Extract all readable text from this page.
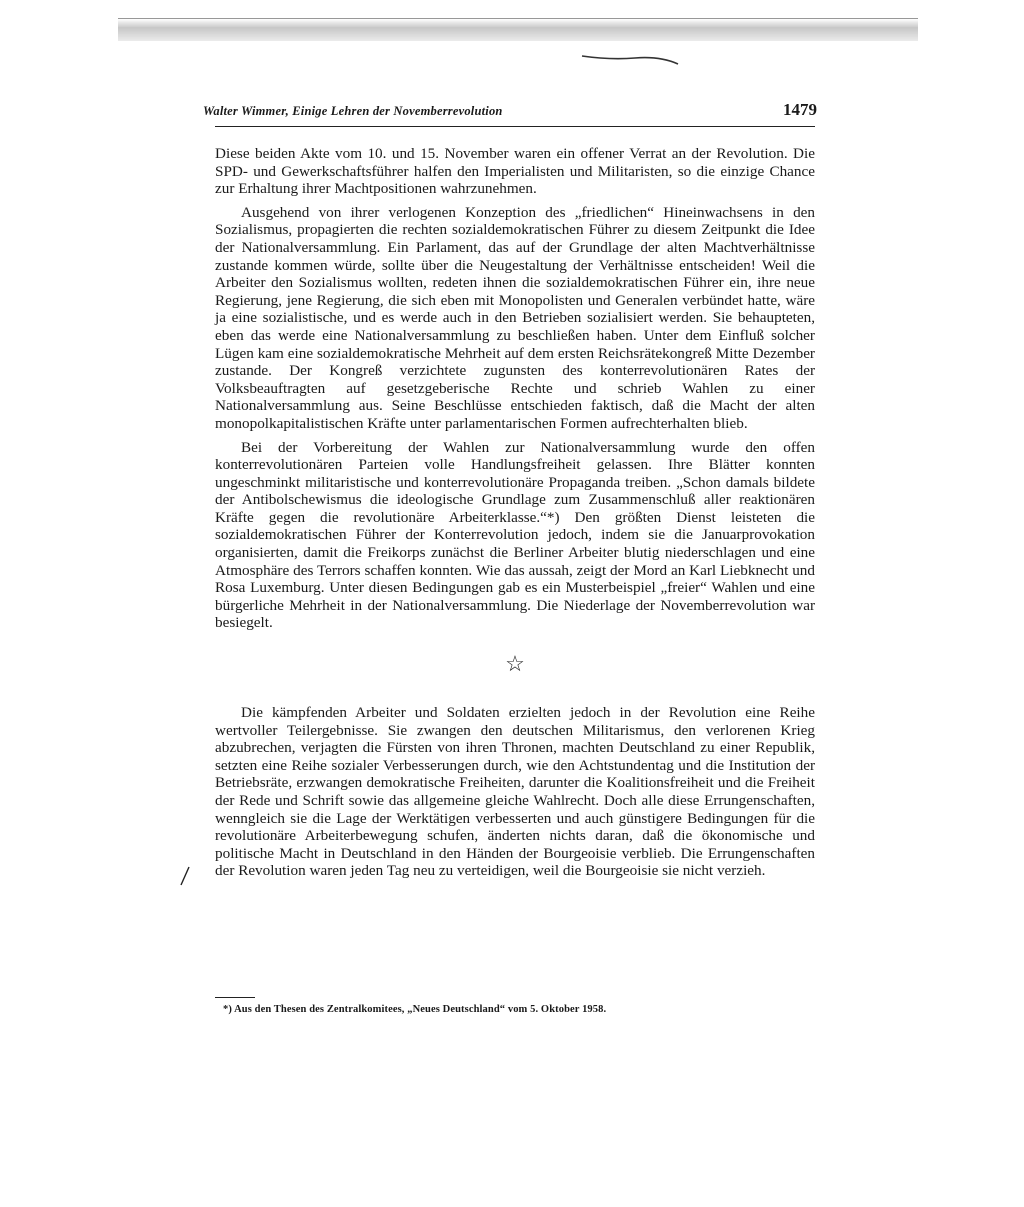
Walter Wimmer, Einige Lehren der Novemberrevolution	1479

Diese beiden Akte vom 10. und 15. November waren ein offener Verrat an der Revolution. Die SPD- und Gewerkschaftsführer halfen den Imperialisten und Militaristen, so die einzige Chance zur Erhaltung ihrer Machtpositionen wahrzunehmen.

Ausgehend von ihrer verlogenen Konzeption des „friedlichen“ Hineinwachsens in den Sozialismus, propagierten die rechten sozialdemokratischen Führer zu diesem Zeitpunkt die Idee der Nationalversammlung. Ein Parlament, das auf der Grundlage der alten Machtverhältnisse zustande kommen würde, sollte über die Neugestaltung der Verhältnisse entscheiden! Weil die Arbeiter den Sozialismus wollten, redeten ihnen die sozialdemokratischen Führer ein, ihre neue Regierung, jene Regierung, die sich eben mit Monopolisten und Generalen verbündet hatte, wäre ja eine sozialistische, und es werde auch in den Betrieben sozialisiert werden. Sie behaupteten, eben das werde eine Nationalversammlung zu beschließen haben. Unter dem Einfluß solcher Lügen kam eine sozialdemokratische Mehrheit auf dem ersten Reichsrätekongreß Mitte Dezember zustande. Der Kongreß verzichtete zugunsten des konterrevolutionären Rates der Volksbeauftragten auf gesetzgeberische Rechte und schrieb Wahlen zu einer Nationalversammlung aus. Seine Beschlüsse entschieden faktisch, daß die Macht der alten monopolkapitalistischen Kräfte unter parlamentarischen Formen aufrechterhalten blieb.

Bei der Vorbereitung der Wahlen zur Nationalversammlung wurde den offen konterrevolutionären Parteien volle Handlungsfreiheit gelassen. Ihre Blätter konnten ungeschminkt militaristische und konterrevolutionäre Propaganda treiben. „Schon damals bildete der Antibolschewismus die ideologische Grundlage zum Zusammenschluß aller reaktionären Kräfte gegen die revolutionäre Arbeiterklasse.“*) Den größten Dienst leisteten die sozialdemokratischen Führer der Konterrevolution jedoch, indem sie die Januarprovokation organisierten, damit die Freikorps zunächst die Berliner Arbeiter blutig niederschlagen und eine Atmosphäre des Terrors schaffen konnten. Wie das aussah, zeigt der Mord an Karl Liebknecht und Rosa Luxemburg. Unter diesen Bedingungen gab es ein Musterbeispiel „freier“ Wahlen und eine bürgerliche Mehrheit in der Nationalversammlung. Die Niederlage der Novemberrevolution war besiegelt.

☆

Die kämpfenden Arbeiter und Soldaten erzielten jedoch in der Revolution eine Reihe wertvoller Teilergebnisse. Sie zwangen den deutschen Militarismus, den verlorenen Krieg abzubrechen, verjagten die Fürsten von ihren Thronen, machten Deutschland zu einer Republik, setzten eine Reihe sozialer Verbesserungen durch, wie den Achtstundentag und die Institution der Betriebsräte, erzwangen demokratische Freiheiten, darunter die Koalitionsfreiheit und die Freiheit der Rede und Schrift sowie das allgemeine gleiche Wahlrecht. Doch alle diese Errungenschaften, wenngleich sie die Lage der Werktätigen verbesserten und auch günstigere Bedingungen für die revolutionäre Arbeiterbewegung schufen, änderten nichts daran, daß die ökonomische und politische Macht in Deutschland in den Händen der Bourgeoisie verblieb. Die Errungenschaften der Revolution waren jeden Tag neu zu verteidigen, weil die Bourgeoisie sie nicht verzieh.

*) Aus den Thesen des Zentralkomitees, „Neues Deutschland“ vom 5. Oktober 1958.
